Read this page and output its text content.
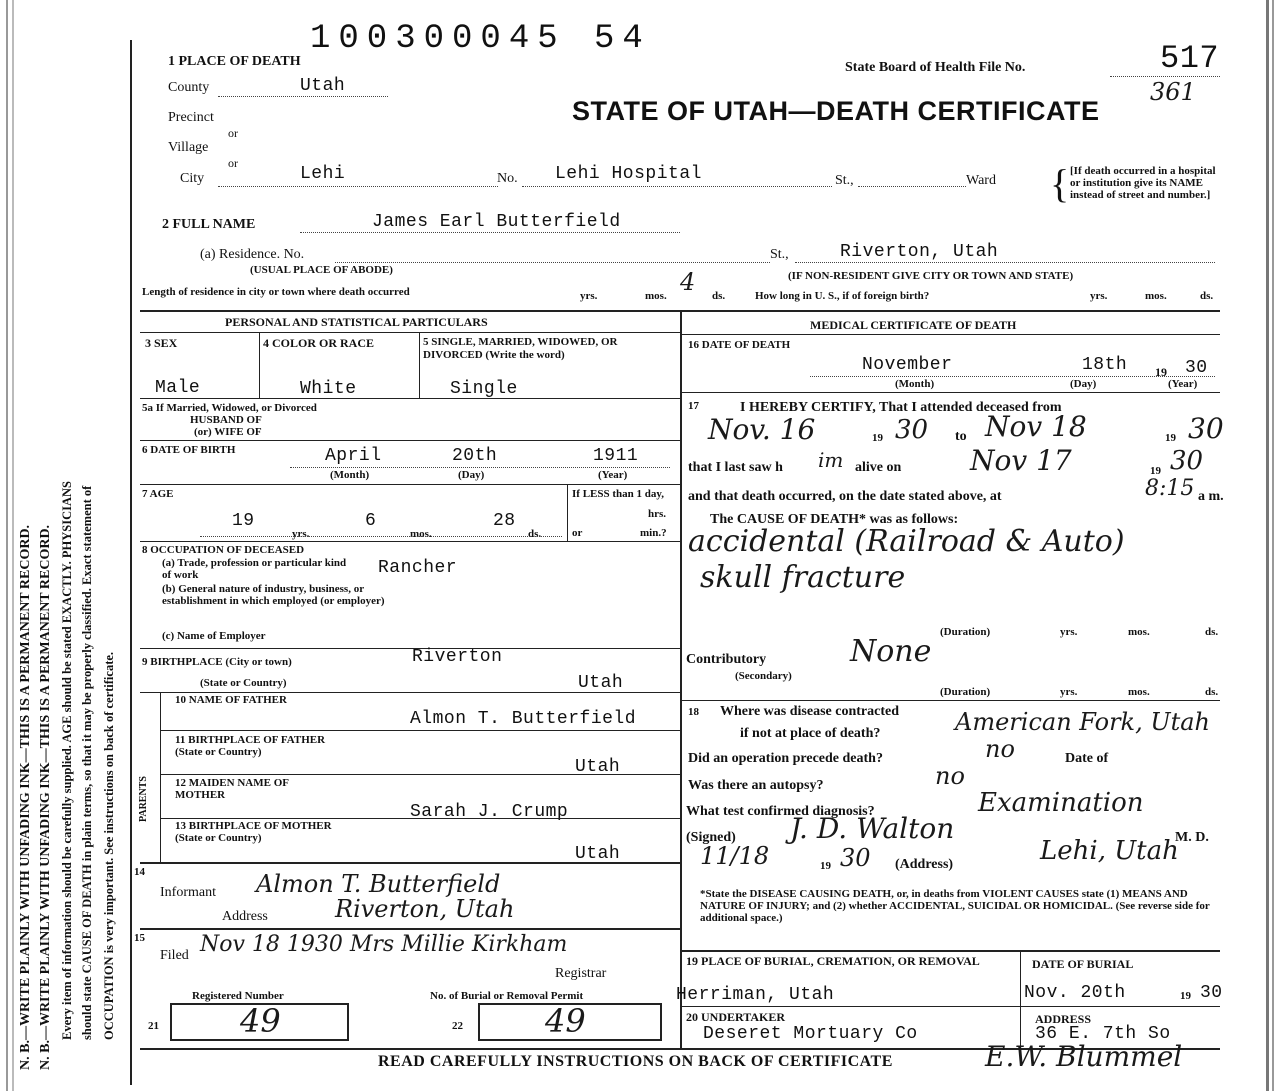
N. B.—WRITE PLAINLY WITH UNFADING INK—THIS IS A PERMANENT RECORD. N. B.—WRITE PLAINLY WITH UNFADING INK—THIS IS A PERMANENT RECORD. Every item of information should be carefully supplied. AGE should be stated EXACTLY. PHYSICIANS should state CAUSE OF DEATH in plain terms, so that it may be properly classified. Exact statement of OCCUPATION is very important. See instructions on back of certificate.
100300045 54
State Board of Health File No.	517
361
STATE OF UTAH—DEATH CERTIFICATE
1 PLACE OF DEATH
County	Utah
Precinct
or
Village
or
City	Lehi	No. Lehi Hospital	St.,	Ward { [If death occurred in a hospital or institution give its NAME instead of street and number.]
2 FULL NAME	James Earl Butterfield
(a) Residence. No.	St.,	Riverton, Utah
(USUAL PLACE OF ABODE)	(IF NON-RESIDENT GIVE CITY OR TOWN AND STATE)
Length of residence in city or town where death occurred	yrs.	mos. 4 ds.	How long in U. S., if of foreign birth?	yrs.	mos.	ds.
PERSONAL AND STATISTICAL PARTICULARS	MEDICAL CERTIFICATE OF DEATH
3 SEX	4 COLOR OR RACE	5 SINGLE, MARRIED, WIDOWED, OR DIVORCED (Write the word)
Male	White	Single
5a If Married, Widowed, or Divorced
HUSBAND OF
(or) WIFE OF
6 DATE OF BIRTH	April	20th	1911
(Month)	(Day)	(Year)
7 AGE
19
yrs.
6
mos.
28
ds.
If LESS than 1 day,
hrs.
or	min.?
8 OCCUPATION OF DECEASED
(a) Trade, profession or particular kind of work	Rancher
(b) General nature of industry, business, or establishment in which employed (or employer)
(c) Name of Employer
9 BIRTHPLACE (City or town)	Riverton
(State or Country)	Utah
PARENTS
10 NAME OF FATHER
Almon T. Butterfield
11 BIRTHPLACE OF FATHER (State or Country)
Utah
12 MAIDEN NAME OF MOTHER
Sarah J. Crump
13 BIRTHPLACE OF MOTHER (State or Country)
Utah
14
Informant Almon T. Butterfield
Address	Riverton, Utah
15
Filed Nov 18 1930 Mrs Millie Kirkham
Registrar
Registered Number	No. of Burial or Removal Permit
21	49	22	49
16 DATE OF DEATH
November	18th 19 30
(Month)	(Day)	(Year)
17	I HEREBY CERTIFY, That I attended deceased from
Nov. 16	19 30 to Nov 18	19 30
that I last saw h im alive on Nov 17	19 30
and that death occurred, on the date stated above, at	8:15 a m.
The CAUSE OF DEATH* was as follows:
accidental (Railroad & Auto)
skull fracture
(Duration)	yrs.	mos.	ds.
Contributory	None
(Secondary)
(Duration)	yrs.	mos.	ds.
18 Where was disease contracted
if not at place of death?	American Fork, Utah
Did an operation precede death?	no	Date of
Was there an autopsy?	no
What test confirmed diagnosis?	Examination
(Signed) J. D. Walton	M. D.
11/18	19 30 (Address)	Lehi, Utah
*State the DISEASE CAUSING DEATH, or, in deaths from VIOLENT CAUSES state (1) MEANS AND NATURE OF INJURY; and (2) whether ACCIDENTAL, SUICIDAL OR HOMICIDAL. (See reverse side for additional space.)
19 PLACE OF BURIAL, CREMATION, OR REMOVAL
Herriman, Utah
DATE OF BURIAL
Nov. 20th	19 30
20 UNDERTAKER
Deseret Mortuary Co
ADDRESS
36 E. 7th So
READ CAREFULLY INSTRUCTIONS ON BACK OF CERTIFICATE	E.W. Blummel
